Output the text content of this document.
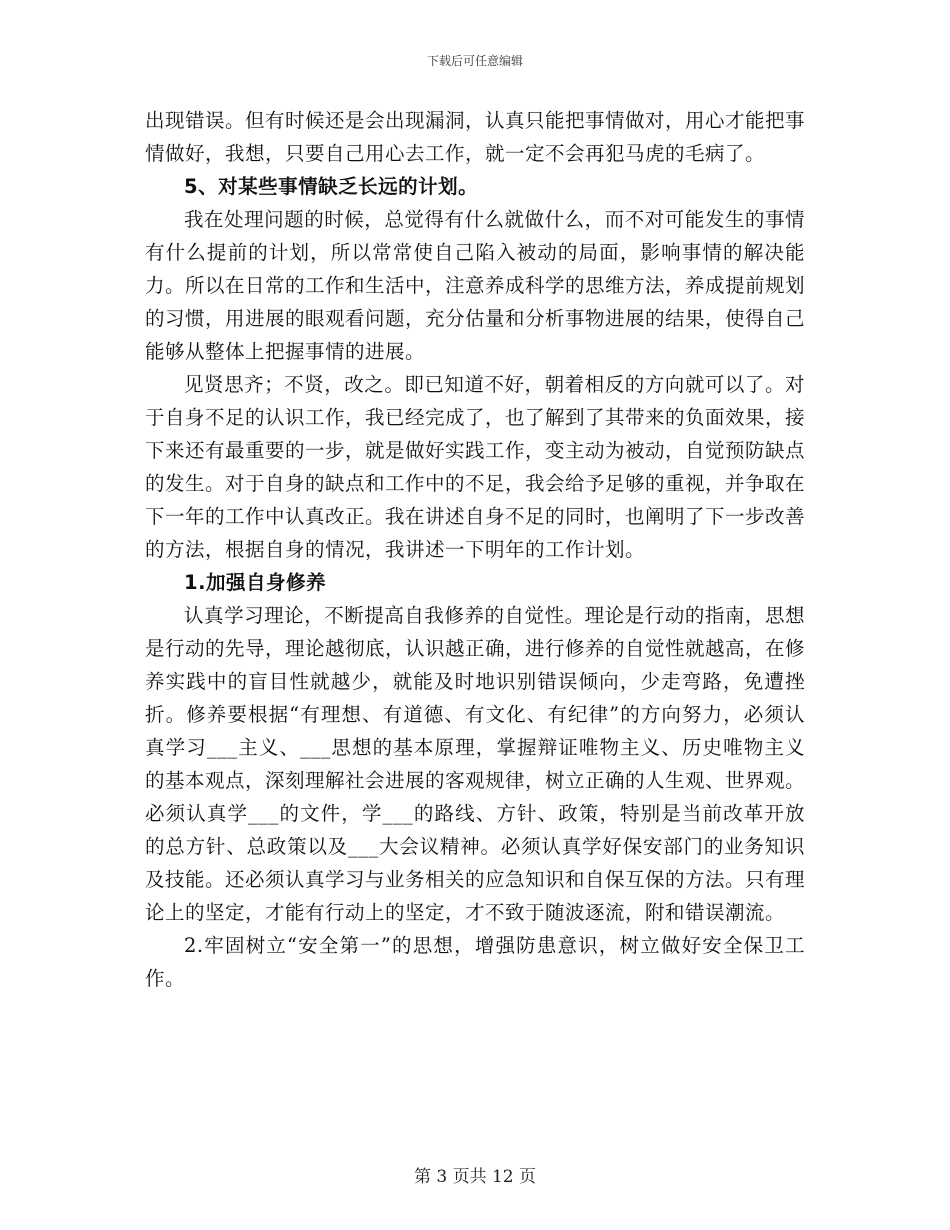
下载后可任意编辑

出现错误。但有时候还是会出现漏洞，认真只能把事情做对，用心才能把事情做好，我想，只要自己用心去工作，就一定不会再犯马虎的毛病了。

5、对某些事情缺乏长远的计划。

我在处理问题的时候，总觉得有什么就做什么，而不对可能发生的事情有什么提前的计划，所以常常使自己陷入被动的局面，影响事情的解决能力。所以在日常的工作和生活中，注意养成科学的思维方法，养成提前规划的习惯，用进展的眼观看问题，充分估量和分析事物进展的结果，使得自己能够从整体上把握事情的进展。

见贤思齐；不贤，改之。即已知道不好，朝着相反的方向就可以了。对于自身不足的认识工作，我已经完成了，也了解到了其带来的负面效果，接下来还有最重要的一步，就是做好实践工作，变主动为被动，自觉预防缺点的发生。对于自身的缺点和工作中的不足，我会给予足够的重视，并争取在下一年的工作中认真改正。我在讲述自身不足的同时，也阐明了下一步改善的方法，根据自身的情况，我讲述一下明年的工作计划。

1.加强自身修养

认真学习理论，不断提高自我修养的自觉性。理论是行动的指南，思想是行动的先导，理论越彻底，认识越正确，进行修养的自觉性就越高，在修养实践中的盲目性就越少，就能及时地识别错误倾向，少走弯路，免遭挫折。修养要根据“有理想、有道德、有文化、有纪律”的方向努力，必须认真学习___主义、___思想的基本原理，掌握辩证唯物主义、历史唯物主义的基本观点，深刻理解社会进展的客观规律，树立正确的人生观、世界观。必须认真学___的文件，学___的路线、方针、政策，特别是当前改革开放的总方针、总政策以及___大会议精神。必须认真学好保安部门的业务知识及技能。还必须认真学习与业务相关的应急知识和自保互保的方法。只有理论上的坚定，才能有行动上的坚定，才不致于随波逐流，附和错误潮流。

2.牢固树立“安全第一”的思想，增强防患意识，树立做好安全保卫工作。

第 3 页共 12 页
